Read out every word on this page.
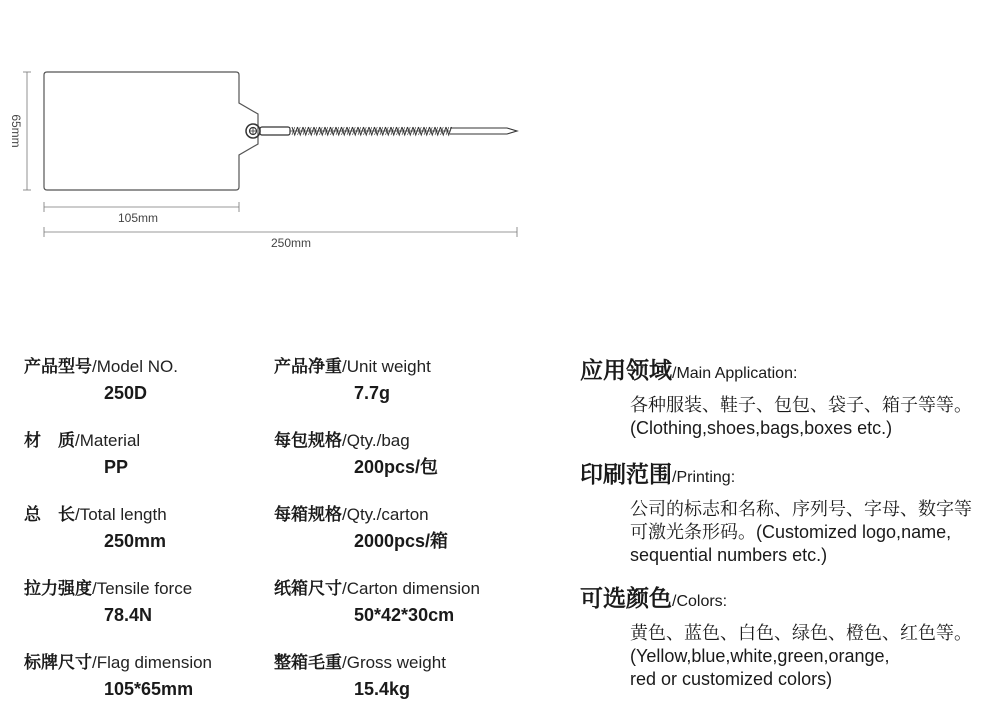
65mm
105mm
250mm
产品型号/Model NO.
250D
材　质/Material
PP
总　长/Total length
250mm
拉力强度/Tensile force
78.4N
标牌尺寸/Flag dimension
105*65mm
产品净重/Unit weight
7.7g
每包规格/Qty./bag
200pcs/包
每箱规格/Qty./carton
2000pcs/箱
纸箱尺寸/Carton dimension
50*42*30cm
整箱毛重/Gross weight
15.4kg
应用领域/Main Application:
各种服装、鞋子、包包、袋子、箱子等等。
(Clothing,shoes,bags,boxes etc.)
印刷范围/Printing:
公司的标志和名称、序列号、字母、数字等
可激光条形码。(Customized logo,name,
sequential numbers etc.)
可选颜色/Colors:
黄色、蓝色、白色、绿色、橙色、红色等。
(Yellow,blue,white,green,orange,
red or customized colors)
